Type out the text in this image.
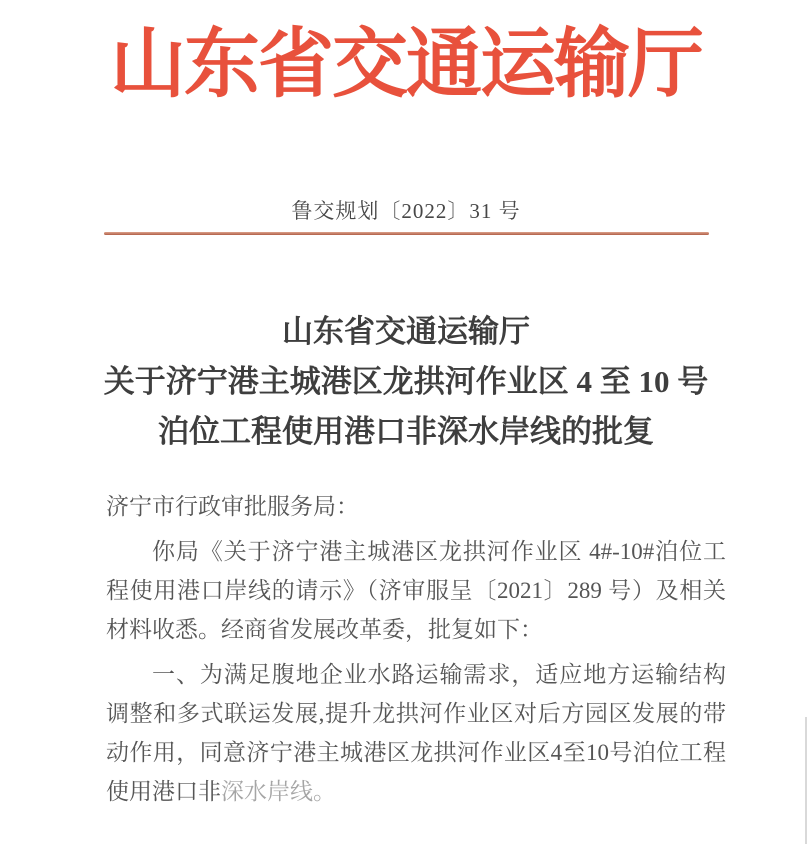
山东省交通运输厅
鲁交规划〔2022〕31 号
山东省交通运输厅
关于济宁港主城港区龙拱河作业区 4 至 10 号
泊位工程使用港口非深水岸线的批复

济宁市行政审批服务局：

你局《关于济宁港主城港区龙拱河作业区 4#-10#泊位工程使用港口岸线的请示》（济审服呈〔2021〕289 号）及相关材料收悉。经商省发展改革委，批复如下：

一、为满足腹地企业水路运输需求，适应地方运输结构调整和多式联运发展,提升龙拱河作业区对后方园区发展的带动作用，同意济宁港主城港区龙拱河作业区4至10号泊位工程使用港口非深水岸线。
